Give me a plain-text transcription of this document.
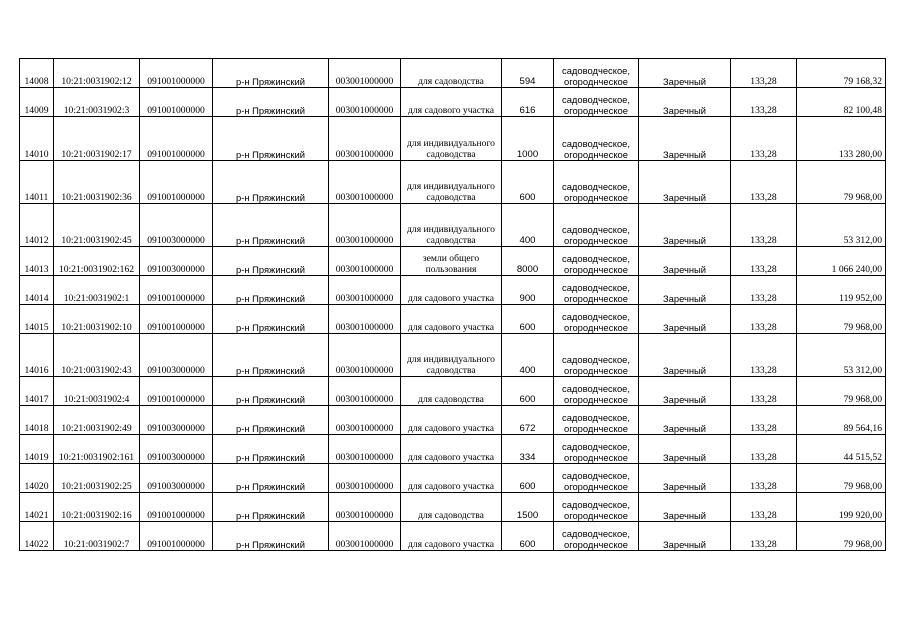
14008	10:21:0031902:12	091001000000	р-н Пряжинский	003001000000	для садоводства	594	садоводческое, огороднческое	Заречный	133,28	79 168,32
14009	10:21:0031902:3	091001000000	р-н Пряжинский	003001000000	для садового участка	616	садоводческое, огороднческое	Заречный	133,28	82 100,48
14010	10:21:0031902:17	091001000000	р-н Пряжинский	003001000000	для индивидуального садоводства	1000	садоводческое, огороднческое	Заречный	133,28	133 280,00
14011	10:21:0031902:36	091001000000	р-н Пряжинский	003001000000	для индивидуального садоводства	600	садоводческое, огороднческое	Заречный	133,28	79 968,00
14012	10:21:0031902:45	091003000000	р-н Пряжинский	003001000000	для индивидуального садоводства	400	садоводческое, огороднческое	Заречный	133,28	53 312,00
14013	10:21:0031902:162	091003000000	р-н Пряжинский	003001000000	земли общего пользования	8000	садоводческое, огороднческое	Заречный	133,28	1 066 240,00
14014	10:21:0031902:1	091001000000	р-н Пряжинский	003001000000	для садового участка	900	садоводческое, огороднческое	Заречный	133,28	119 952,00
14015	10:21:0031902:10	091001000000	р-н Пряжинский	003001000000	для садового участка	600	садоводческое, огороднческое	Заречный	133,28	79 968,00
14016	10:21:0031902:43	091003000000	р-н Пряжинский	003001000000	для индивидуального садоводства	400	садоводческое, огороднческое	Заречный	133,28	53 312,00
14017	10:21:0031902:4	091001000000	р-н Пряжинский	003001000000	для садоводства	600	садоводческое, огороднческое	Заречный	133,28	79 968,00
14018	10:21:0031902:49	091003000000	р-н Пряжинский	003001000000	для садового участка	672	садоводческое, огороднческое	Заречный	133,28	89 564,16
14019	10:21:0031902:161	091003000000	р-н Пряжинский	003001000000	для садового участка	334	садоводческое, огороднческое	Заречный	133,28	44 515,52
14020	10:21:0031902:25	091003000000	р-н Пряжинский	003001000000	для садового участка	600	садоводческое, огороднческое	Заречный	133,28	79 968,00
14021	10:21:0031902:16	091001000000	р-н Пряжинский	003001000000	для садоводства	1500	садоводческое, огороднческое	Заречный	133,28	199 920,00
14022	10:21:0031902:7	091001000000	р-н Пряжинский	003001000000	для садового участка	600	садоводческое, огороднческое	Заречный	133,28	79 968,00
